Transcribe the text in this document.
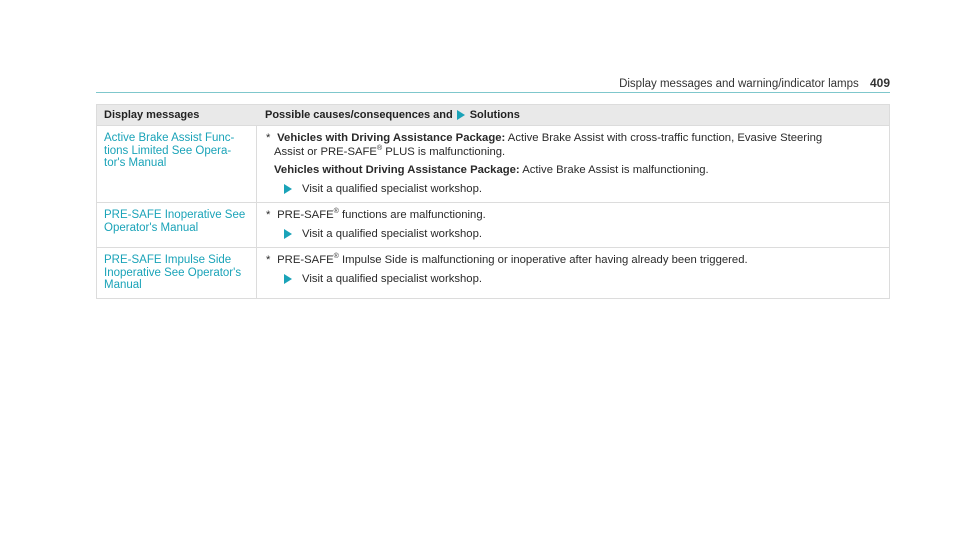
Display messages and warning/indicator lamps 409
Display messages	Possible causes/consequences and Solutions
Active Brake Assist Func-
tions Limited See Opera-
tor's Manual
* Vehicles with Driving Assistance Package: Active Brake Assist with cross-traffic function, Evasive Steering
Assist or PRE-SAFE® PLUS is malfunctioning.
Vehicles without Driving Assistance Package: Active Brake Assist is malfunctioning.
Visit a qualified specialist workshop.
PRE-SAFE Inoperative See
Operator's Manual
* PRE-SAFE® functions are malfunctioning.
Visit a qualified specialist workshop.
PRE-SAFE Impulse Side
Inoperative See Operator's
Manual
* PRE-SAFE® Impulse Side is malfunctioning or inoperative after having already been triggered.
Visit a qualified specialist workshop.
